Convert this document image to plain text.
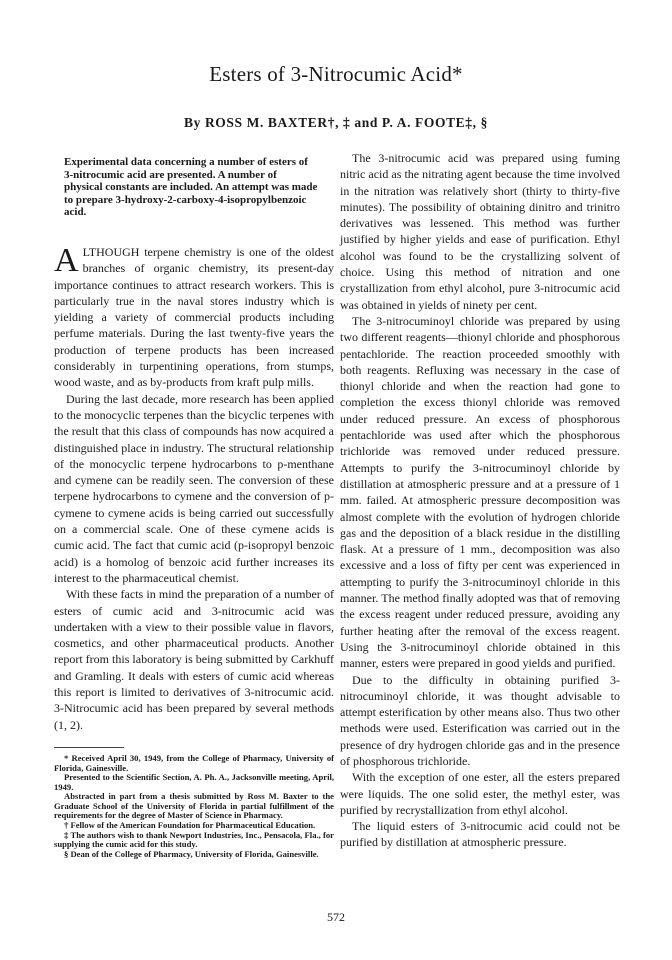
Esters of 3-Nitrocumic Acid*

By ROSS M. BAXTER†, ‡ and P. A. FOOTE‡, §

Experimental data concerning a number of esters of 3-nitrocumic acid are presented. A number of physical constants are included. An attempt was made to prepare 3-hydroxy-2-carboxy-4-isopropylbenzoic acid.

ALTHOUGH terpene chemistry is one of the oldest branches of organic chemistry, its present-day importance continues to attract research workers. This is particularly true in the naval stores industry which is yielding a variety of commercial products including perfume materials. During the last twenty-five years the production of terpene products has been increased considerably in turpentining operations, from stumps, wood waste, and as by-products from kraft pulp mills.

During the last decade, more research has been applied to the monocyclic terpenes than the bicyclic terpenes with the result that this class of compounds has now acquired a distinguished place in industry. The structural relationship of the monocyclic terpene hydrocarbons to p-menthane and cymene can be readily seen. The conversion of these terpene hydrocarbons to cymene and the conversion of p-cymene to cymene acids is being carried out successfully on a commercial scale. One of these cymene acids is cumic acid. The fact that cumic acid (p-isopropyl benzoic acid) is a homolog of benzoic acid further increases its interest to the pharmaceutical chemist.

With these facts in mind the preparation of a number of esters of cumic acid and 3-nitrocumic acid was undertaken with a view to their possible value in flavors, cosmetics, and other pharmaceutical products. Another report from this laboratory is being submitted by Carkhuff and Gramling. It deals with esters of cumic acid whereas this report is limited to derivatives of 3-nitrocumic acid. 3-Nitrocumic acid has been prepared by several methods (1, 2).

* Received April 30, 1949, from the College of Pharmacy, University of Florida, Gainesville.

Presented to the Scientific Section, A. Ph. A., Jacksonville meeting, April, 1949.

Abstracted in part from a thesis submitted by Ross M. Baxter to the Graduate School of the University of Florida in partial fulfillment of the requirements for the degree of Master of Science in Pharmacy.

† Fellow of the American Foundation for Pharmaceutical Education.

‡ The authors wish to thank Newport Industries, Inc., Pensacola, Fla., for supplying the cumic acid for this study.

§ Dean of the College of Pharmacy, University of Florida, Gainesville.

The 3-nitrocumic acid was prepared using fuming nitric acid as the nitrating agent because the time involved in the nitration was relatively short (thirty to thirty-five minutes). The possibility of obtaining dinitro and trinitro derivatives was lessened. This method was further justified by higher yields and ease of purification. Ethyl alcohol was found to be the crystallizing solvent of choice. Using this method of nitration and one crystallization from ethyl alcohol, pure 3-nitrocumic acid was obtained in yields of ninety per cent.

The 3-nitrocuminoyl chloride was prepared by using two different reagents—thionyl chloride and phosphorous pentachloride. The reaction proceeded smoothly with both reagents. Refluxing was necessary in the case of thionyl chloride and when the reaction had gone to completion the excess thionyl chloride was removed under reduced pressure. An excess of phosphorous pentachloride was used after which the phosphorous trichloride was removed under reduced pressure. Attempts to purify the 3-nitrocuminoyl chloride by distillation at atmospheric pressure and at a pressure of 1 mm. failed. At atmospheric pressure decomposition was almost complete with the evolution of hydrogen chloride gas and the deposition of a black residue in the distilling flask. At a pressure of 1 mm., decomposition was also excessive and a loss of fifty per cent was experienced in attempting to purify the 3-nitrocuminoyl chloride in this manner. The method finally adopted was that of removing the excess reagent under reduced pressure, avoiding any further heating after the removal of the excess reagent. Using the 3-nitrocuminoyl chloride obtained in this manner, esters were prepared in good yields and purified.

Due to the difficulty in obtaining purified 3-nitrocuminoyl chloride, it was thought advisable to attempt esterification by other means also. Thus two other methods were used. Esterification was carried out in the presence of dry hydrogen chloride gas and in the presence of phosphorous trichloride.

With the exception of one ester, all the esters prepared were liquids. The one solid ester, the methyl ester, was purified by recrystallization from ethyl alcohol.

The liquid esters of 3-nitrocumic acid could not be purified by distillation at atmospheric pressure.

572
